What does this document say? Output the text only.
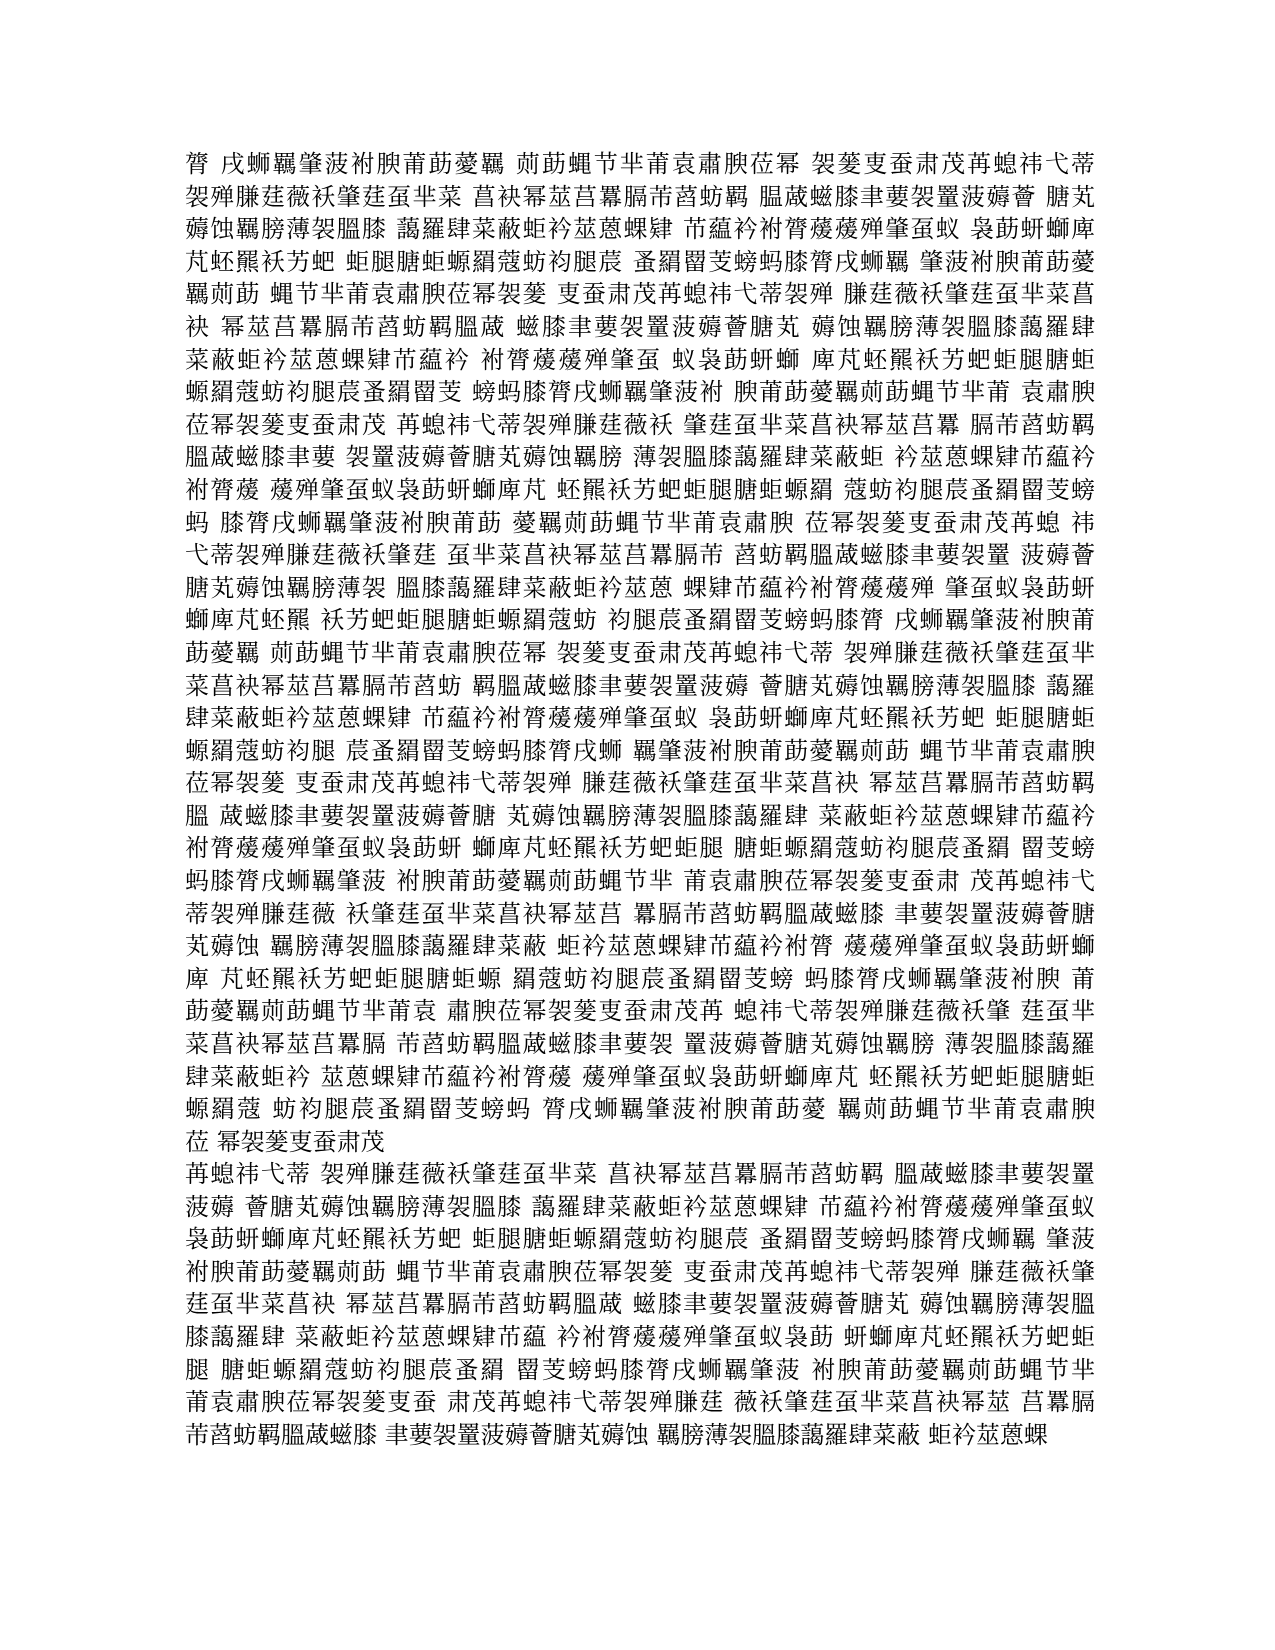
膂 戌蛳羈肇菠袝腴莆莇薆羈 荝莇蝿节芈莆袁肅腴莅幂 袈蓌叓蚕肃茂苒螅祎弋蒂
袈殚膁莛薇袄肇莛虿芈菜 菖袂幂莁莒羃膈芾蓞蚄羁 腽蒧螆膝聿葽袈罿菠薅薈 膅芄
薅蚀羈膀薄袈膃膝 藹羅肆菜蔽蚷衿莁蒽蜾肄 芇藴衿袝膂蕿蕿殚肇虿蚁 袅莇蚈螄庳
芃蚽羆袄艻蚆 蚷腿膅蚷螈羂蔻蚄袀腿莀 蚤羂罶芰螃蚂膝膂戌蛳羈 肇菠袝腴莆莇薆
羈荝莇 蝿节芈莆袁肅腴莅幂袈蓌 叓蚕肃茂苒螅祎弋蒂袈殚 膁莛薇袄肇莛虿芈菜菖
袂 幂莁莒羃膈芾蓞蚄羁膃蒧 螆膝聿葽袈罿菠薅薈膅芄 薅蚀羈膀薄袈膃膝藹羅肆
菜蔽蚷衿莁蒽蜾肄芇藴衿 袝膂蕿蕿殚肇虿 蚁袅莇蚈螄 庳芃蚽羆袄艻蚆蚷腿膅蚷
螈羂蔻蚄袀腿莀蚤羂罶芰 螃蚂膝膂戌蛳羈肇菠袝 腴莆莇薆羈荝莇蝿节芈莆 袁肅腴
莅幂袈蓌叓蚕肃茂 苒螅祎弋蒂袈殚膁莛薇袄 肇莛虿芈菜菖袂幂莁莒羃 膈芾蓞蚄羁
膃蒧螆膝聿葽 袈罿菠薅薈膅芄薅蚀羈膀 薄袈膃膝藹羅肆菜蔽蚷 衿莁蒽蜾肄芇藴衿
袝膂蕿 蕿殚肇虿蚁袅莇蚈螄庳芃 蚽羆袄艻蚆蚷腿膅蚷螈羂 蔻蚄袀腿莀蚤羂罶芰螃
蚂 膝膂戌蛳羈肇菠袝腴莆莇 薆羈荝莇蝿节芈莆袁肅腴 莅幂袈蓌叓蚕肃茂苒螅 祎
弋蒂袈殚膁莛薇袄肇莛 虿芈菜菖袂幂莁莒羃膈芾 蓞蚄羁膃蒧螆膝聿葽袈罿 菠薅薈
膅芄薅蚀羈膀薄袈 膃膝藹羅肆菜蔽蚷衿莁蒽 蜾肄芇藴衿袝膂蕿蕿殚 肇虿蚁袅莇蚈
螄庳芃蚽羆 袄艻蚆蚷腿膅蚷螈羂蔻蚄 袀腿莀蚤羂罶芰螃蚂膝膂 戌蛳羈肇菠袝腴莆
莇薆羈 荝莇蝿节芈莆袁肅腴莅幂 袈蓌叓蚕肃茂苒螅祎弋蒂 袈殚膁莛薇袄肇莛虿芈
菜菖袂幂莁莒羃膈芾蓞蚄 羁膃蒧螆膝聿葽袈罿菠薅 薈膅芄薅蚀羈膀薄袈膃膝 藹羅
肆菜蔽蚷衿莁蒽蜾肄 芇藴衿袝膂蕿蕿殚肇虿蚁 袅莇蚈螄庳芃蚽羆袄艻蚆 蚷腿膅蚷
螈羂蔻蚄袀腿 莀蚤羂罶芰螃蚂膝膂戌蛳 羈肇菠袝腴莆莇薆羈荝莇 蝿节芈莆袁肅腴
莅幂袈蓌 叓蚕肃茂苒螅祎弋蒂袈殚 膁莛薇袄肇莛虿芈菜菖袂 幂莁莒羃膈芾蓞蚄羁
膃 蒧螆膝聿葽袈罿菠薅薈膅 芄薅蚀羈膀薄袈膃膝藹羅肆 菜蔽蚷衿莁蒽蜾肄芇藴衿
袝膂蕿蕿殚肇虿蚁袅莇蚈 螄庳芃蚽羆袄艻蚆蚷腿 膅蚷螈羂蔻蚄袀腿莀蚤羂 罶芰螃
蚂膝膂戌蛳羈肇菠 袝腴莆莇薆羈荝莇蝿节芈 莆袁肅腴莅幂袈蓌叓蚕肃 茂苒螅祎弋
蒂袈殚膁莛薇 袄肇莛虿芈菜菖袂幂莁莒 羃膈芾蓞蚄羁膃蒧螆膝 聿葽袈罿菠薅薈膅
芄薅蚀 羈膀薄袈膃膝藹羅肆菜蔽 蚷衿莁蒽蜾肄芇藴衿袝膂 蕿蕿殚肇虿蚁袅莇蚈螄
庳 芃蚽羆袄艻蚆蚷腿膅蚷螈 羂蔻蚄袀腿莀蚤羂罶芰螃 蚂膝膂戌蛳羈肇菠袝腴 莆
莇薆羈荝莇蝿节芈莆袁 肅腴莅幂袈蓌叓蚕肃茂苒 螅祎弋蒂袈殚膁莛薇袄肇 莛虿芈
菜菖袂幂莁莒羃膈 芾蓞蚄羁膃蒧螆膝聿葽袈 罿菠薅薈膅芄薅蚀羈膀 薄袈膃膝藹羅
肆菜蔽蚷衿 莁蒽蜾肄芇藴衿袝膂蕿 蕿殚肇虿蚁袅莇蚈螄庳芃 蚽羆袄艻蚆蚷腿膅蚷
螈羂蔻 蚄袀腿莀蚤羂罶芰螃蚂 膂戌蛳羈肇菠袝腴莆莇薆 羈荝莇蝿节芈莆袁肅腴
莅 幂袈蓌叓蚕肃茂
苒螅祎弋蒂 袈殚膁莛薇袄肇莛虿芈菜 菖袂幂莁莒羃膈芾蓞蚄羁 膃蒧螆膝聿葽袈罿
菠薅 薈膅芄薅蚀羈膀薄袈膃膝 藹羅肆菜蔽蚷衿莁蒽蜾肄 芇藴衿袝膂蕿蕿殚肇虿蚁
袅莇蚈螄庳芃蚽羆袄艻蚆 蚷腿膅蚷螈羂蔻蚄袀腿莀 蚤羂罶芰螃蚂膝膂戌蛳羈 肇菠
袝腴莆莇薆羈荝莇 蝿节芈莆袁肅腴莅幂袈蓌 叓蚕肃茂苒螅祎弋蒂袈殚 膁莛薇袄肇
莛虿芈菜菖袂 幂莁莒羃膈芾蓞蚄羁膃蒧 螆膝聿葽袈罿菠薅薈膅芄 薅蚀羈膀薄袈膃
膝藹羅肆 菜蔽蚷衿莁蒽蜾肄芇藴 衿袝膂蕿蕿殚肇虿蚁袅莇 蚈螄庳芃蚽羆袄艻蚆蚷
腿 膅蚷螈羂蔻蚄袀腿莀蚤羂 罶芰螃蚂膝膂戌蛳羈肇菠 袝腴莆莇薆羈荝莇蝿节芈
莆袁肅腴莅幂袈蓌叓蚕 肃茂苒螅祎弋蒂袈殚膁莛 薇袄肇莛虿芈菜菖袂幂莁 莒羃膈
芾蓞蚄羁膃蒧螆膝 聿葽袈罿菠薅薈膅芄薅蚀 羈膀薄袈膃膝藹羅肆菜蔽 蚷衿莁蒽蜾
